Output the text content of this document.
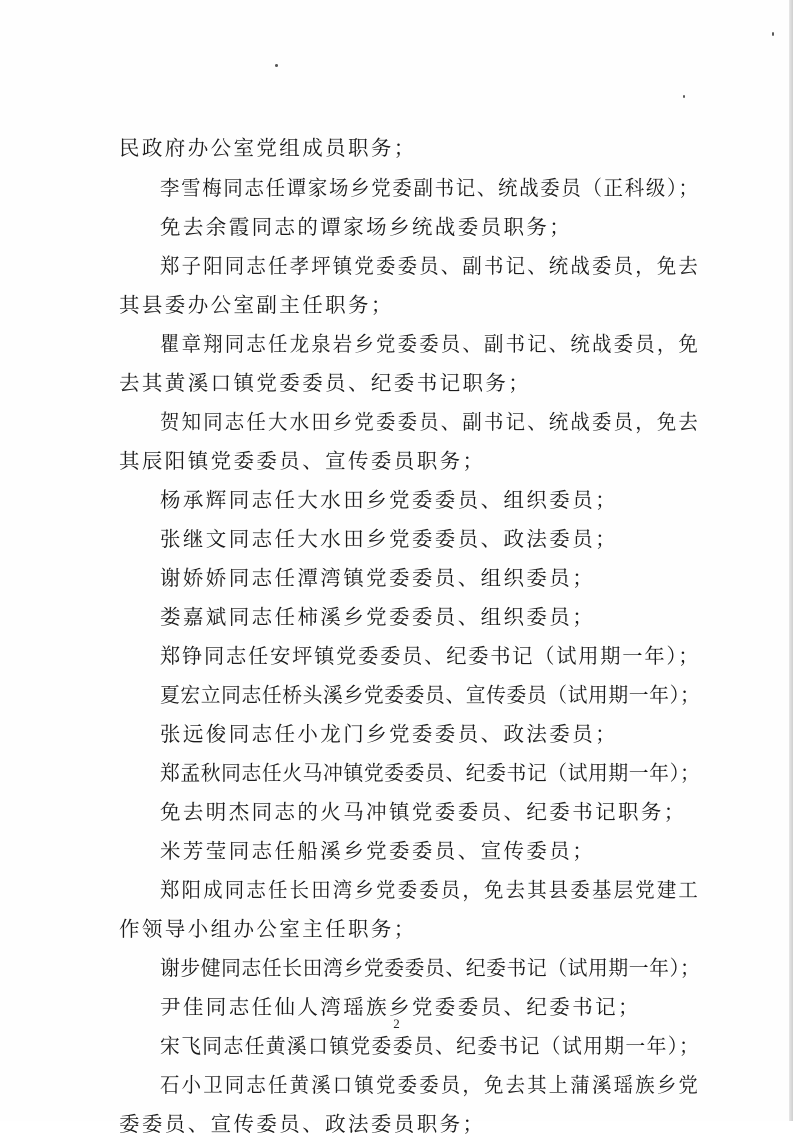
民政府办公室党组成员职务；
李雪梅同志任谭家场乡党委副书记、统战委员（正科级）；
免去余霞同志的谭家场乡统战委员职务；
郑子阳同志任孝坪镇党委委员、副书记、统战委员，免去
其县委办公室副主任职务；
瞿章翔同志任龙泉岩乡党委委员、副书记、统战委员，免
去其黄溪口镇党委委员、纪委书记职务；
贺知同志任大水田乡党委委员、副书记、统战委员，免去
其辰阳镇党委委员、宣传委员职务；
杨承辉同志任大水田乡党委委员、组织委员；
张继文同志任大水田乡党委委员、政法委员；
谢娇娇同志任潭湾镇党委委员、组织委员；
娄嘉斌同志任柿溪乡党委委员、组织委员；
郑铮同志任安坪镇党委委员、纪委书记（试用期一年）；
夏宏立同志任桥头溪乡党委委员、宣传委员（试用期一年）；
张远俊同志任小龙门乡党委委员、政法委员；
郑孟秋同志任火马冲镇党委委员、纪委书记（试用期一年）；
免去明杰同志的火马冲镇党委委员、纪委书记职务；
米芳莹同志任船溪乡党委委员、宣传委员；
郑阳成同志任长田湾乡党委委员，免去其县委基层党建工
作领导小组办公室主任职务；
谢步健同志任长田湾乡党委委员、纪委书记（试用期一年）；
尹佳同志任仙人湾瑶族乡党委委员、纪委书记；
宋飞同志任黄溪口镇党委委员、纪委书记（试用期一年）；
石小卫同志任黄溪口镇党委委员，免去其上蒲溪瑶族乡党
委委员、宣传委员、政法委员职务；
2
